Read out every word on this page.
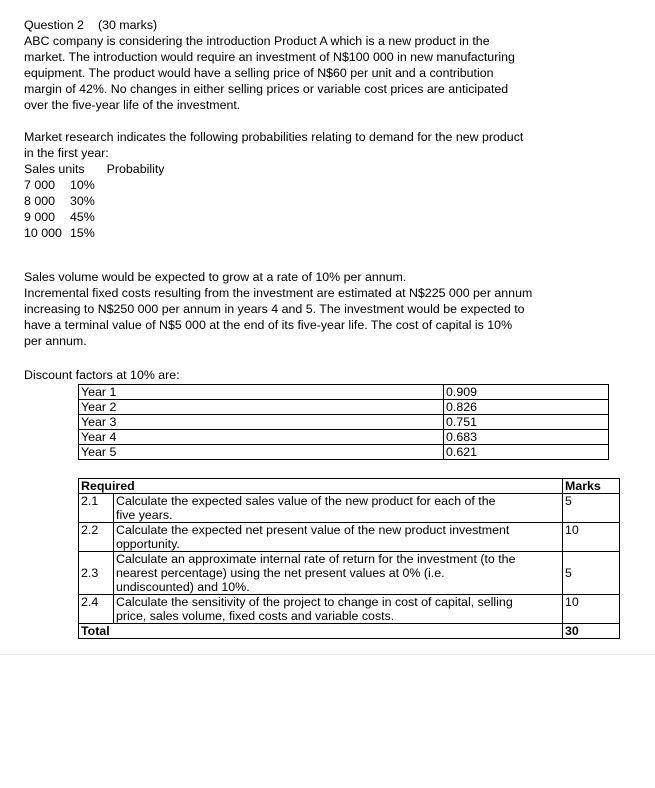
Question 2 (30 marks)

ABC company is considering the introduction Product A which is a new product in the

market. The introduction would require an investment of N$100 000 in new manufacturing

equipment. The product would have a selling price of N$60 per unit and a contribution

margin of 42%. No changes in either selling prices or variable cost prices are anticipated

over the five-year life of the investment.

Market research indicates the following probabilities relating to demand for the new product

in the first year:

Sales units Probability

7 000 10%

8 000 30%

9 000 45%

10 000 15%

Sales volume would be expected to grow at a rate of 10% per annum.

Incremental fixed costs resulting from the investment are estimated at N$225 000 per annum

increasing to N$250 000 per annum in years 4 and 5. The investment would be expected to

have a terminal value of N$5 000 at the end of its five-year life. The cost of capital is 10%

per annum.

Discount factors at 10% are:

Year 1	0.909
Year 2	0.826
Year 3	0.751
Year 4	0.683
Year 5	0.621
Required		Marks
2.1	Calculate the expected sales value of the new product for each of the
five years.	5
2.2	Calculate the expected net present value of the new product investment
opportunity.	10
2.3	Calculate an approximate internal rate of return for the investment (to the
nearest percentage) using the net present values at 0% (i.e.
undiscounted) and 10%.	5
2.4	Calculate the sensitivity of the project to change in cost of capital, selling
price, sales volume, fixed costs and variable costs.	10
Total		30
